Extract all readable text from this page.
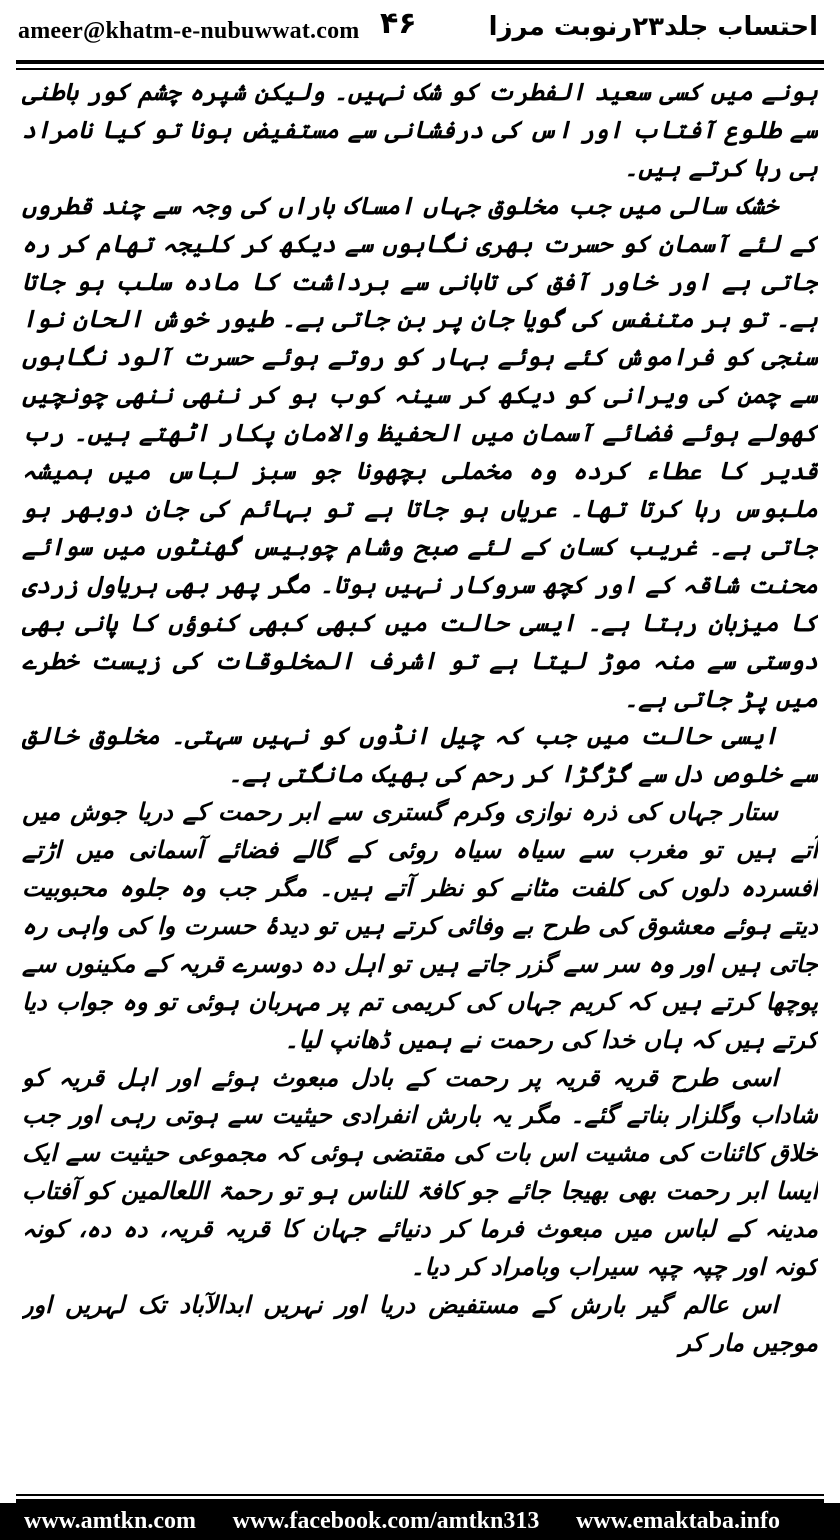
ameer@khatm-e-nubuwwat.com ۴۶	احتساب جلد۲۳رنوبت مرزا

ہونے میں کسی سعید الفطرت کو شک نہیں۔ ولیکن شپرہ چشم کور باطنی سے طلوع آفتاب اور اس کی درفشانی سے مستفیض ہونا تو کیا نامراد ہی رہا کرتے ہیں۔

خشک سالی میں جب مخلوق جہاں امساک باراں کی وجہ سے چند قطروں کے لئے آسمان کو حسرت بھری نگاہوں سے دیکھ کر کلیجہ تھام کر رہ جاتی ہے اور خاور آفق کی تابانی سے برداشت کا مادہ سلب ہو جاتا ہے۔ تو ہر متنفس کی گویا جان پر بن جاتی ہے۔ طیور خوش الحان نوا سنجی کو فراموش کئے ہوئے بہار کو روتے ہوئے حسرت آلود نگاہوں سے چمن کی ویرانی کو دیکھ کر سینہ کوب ہو کر ننھی ننھی چونچیں کھولے ہوئے فضائے آسمان میں الحفیظ والامان پکار اٹھتے ہیں۔ رب قدیر کا عطاء کردہ وہ مخملی بچھونا جو سبز لباس میں ہمیشہ ملبوس رہا کرتا تھا۔ عریاں ہو جاتا ہے تو بہائم کی جان دوبھر ہو جاتی ہے۔ غریب کسان کے لئے صبح وشام چوبیس گھنٹوں میں سوائے محنت شاقہ کے اور کچھ سروکار نہیں ہوتا۔ مگر پھر بھی ہریاول زردی کا میزبان رہتا ہے۔ ایسی حالت میں کبھی کبھی کنوؤں کا پانی بھی دوستی سے منہ موڑ لیتا ہے تو اشرف المخلوقات کی زیست خطرے میں پڑ جاتی ہے۔

ایسی حالت میں جب کہ چیل انڈوں کو نہیں سہتی۔ مخلوق خالق سے خلوص دل سے گڑگڑا کر رحم کی بھیک مانگتی ہے۔

ستار جہاں کی ذرہ نوازی وکرم گستری سے ابر رحمت کے دریا جوش میں آتے ہیں تو مغرب سے سیاہ سیاہ روئی کے گالے فضائے آسمانی میں اڑتے افسردہ دلوں کی کلفت مٹانے کو نظر آتے ہیں۔ مگر جب وہ جلوہ محبوبیت دیتے ہوئے معشوق کی طرح بے وفائی کرتے ہیں تو دیدۂ حسرت وا کی واہی رہ جاتی ہیں اور وہ سر سے گزر جاتے ہیں تو اہل دہ دوسرے قریہ کے مکینوں سے پوچھا کرتے ہیں کہ کریم جہاں کی کریمی تم پر مہربان ہوئی تو وہ جواب دیا کرتے ہیں کہ ہاں خدا کی رحمت نے ہمیں ڈھانپ لیا۔

اسی طرح قریہ قریہ پر رحمت کے بادل مبعوث ہوئے اور اہل قریہ کو شاداب وگلزار بناتے گئے۔ مگر یہ بارش انفرادی حیثیت سے ہوتی رہی اور جب خلاق کائنات کی مشیت اس بات کی مقتضی ہوئی کہ مجموعی حیثیت سے ایک ایسا ابر رحمت بھی بھیجا جائے جو کافۃ للناس ہو تو رحمۃ اللعالمین کو آفتاب مدینہ کے لباس میں مبعوث فرما کر دنیائے جہان کا قریہ قریہ، دہ دہ، کونہ کونہ اور چپہ چپہ سیراب وبامراد کر دیا۔

اس عالم گیر بارش کے مستفیض دریا اور نہریں ابدالآباد تک لہریں اور موجیں مار کر

www.amtkn.com www.facebook.com/amtkn313 www.emaktaba.info
